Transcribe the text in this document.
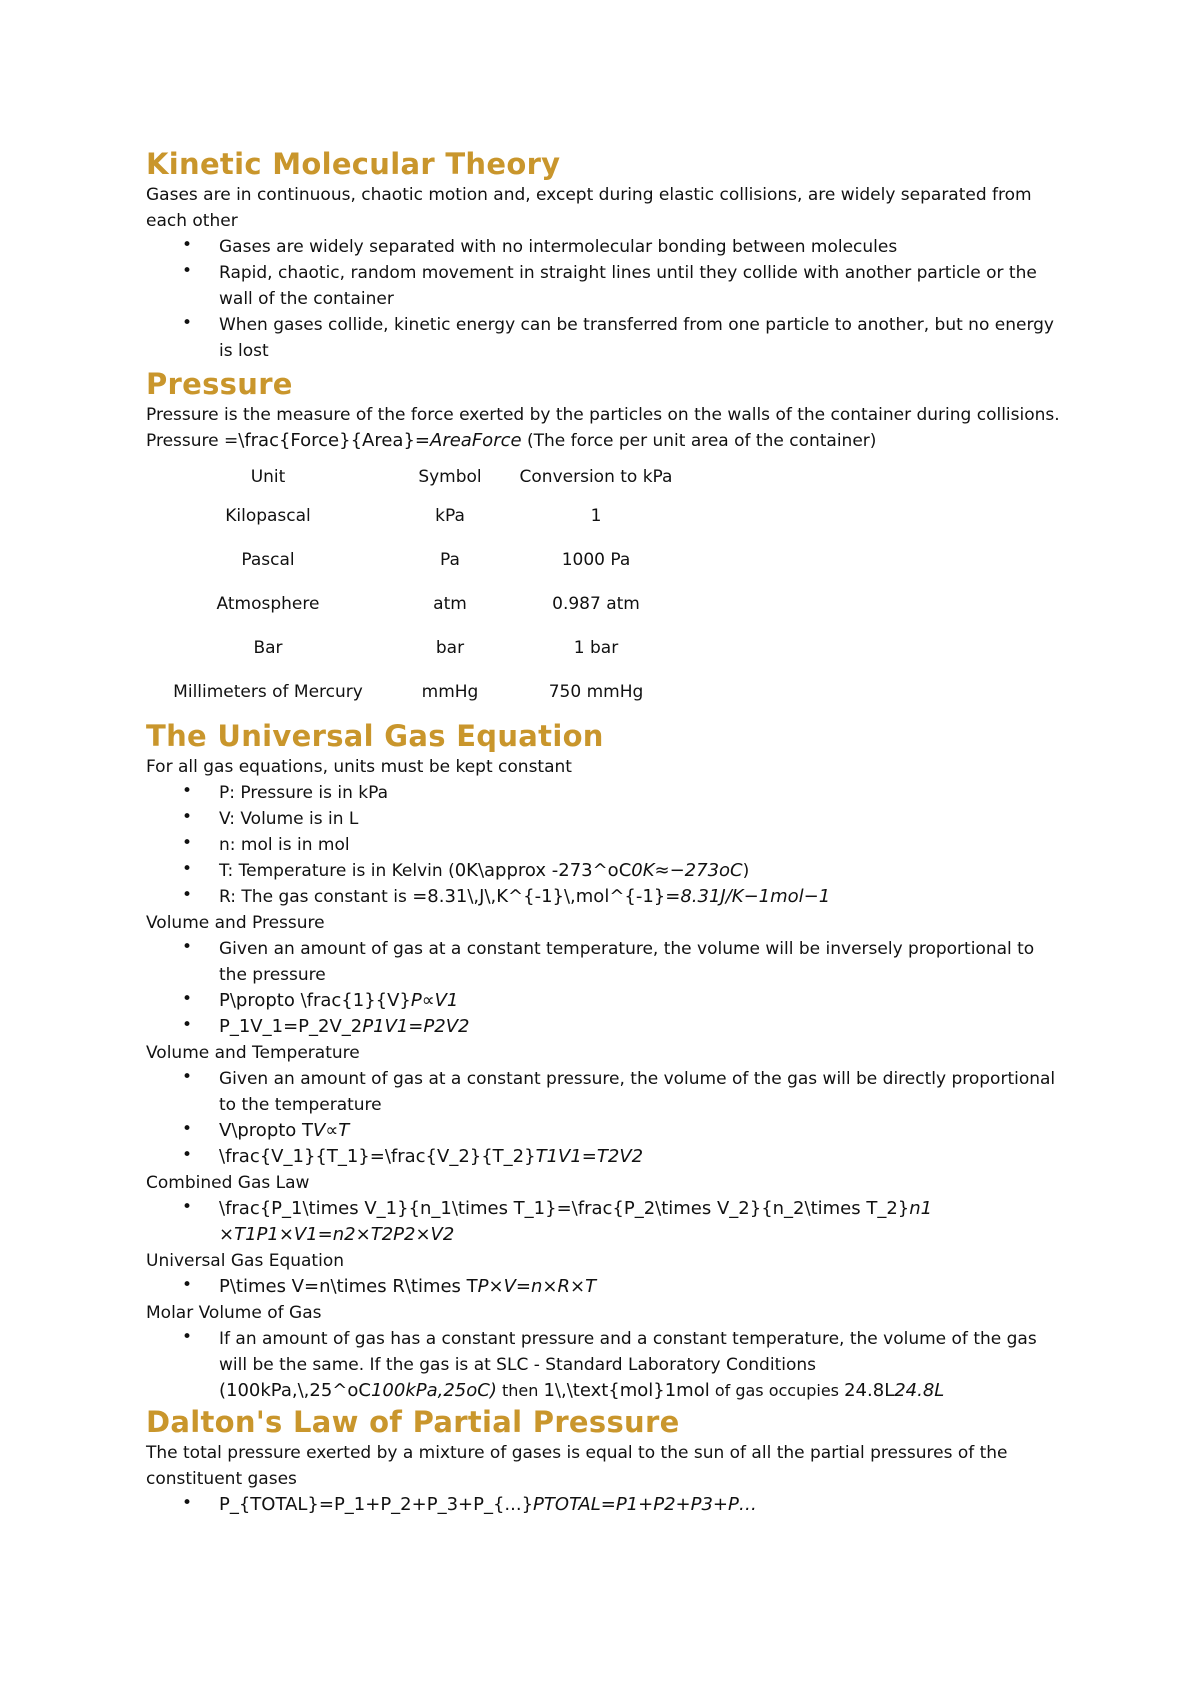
Kinetic Molecular Theory

Gases are in continuous, chaotic motion and, except during elastic collisions, are widely separated from each other

• Gases are widely separated with no intermolecular bonding between molecules
• Rapid, chaotic, random movement in straight lines until they collide with another particle or the wall of the container
• When gases collide, kinetic energy can be transferred from one particle to another, but no energy is lost
Pressure

Pressure is the measure of the force exerted by the particles on the walls of the container during collisions.

Pressure =\frac{Force}{Area}=AreaForce (The force per unit area of the container)

Unit	Symbol	Conversion to kPa
Kilopascal	kPa	1
Pascal	Pa	1000 Pa
Atmosphere	atm	0.987 atm
Bar	bar	1 bar
Millimeters of Mercury	mmHg	750 mmHg
The Universal Gas Equation

For all gas equations, units must be kept constant

• P: Pressure is in kPa
• V: Volume is in L
• n: mol is in mol
• T: Temperature is in Kelvin (0K\approx -273^oC0K≈−273oC)
• R: The gas constant is =8.31\,J\,K^{-1}\,mol^{-1}=8.31J/K−1mol−1

Volume and Pressure

• Given an amount of gas at a constant temperature, the volume will be inversely proportional to the pressure
• P\propto \frac{1}{V}P∝V1
• P_1V_1=P_2V_2P1V1=P2V2

Volume and Temperature

• Given an amount of gas at a constant pressure, the volume of the gas will be directly proportional to the temperature
• V\propto TV∝T
• \frac{V_1}{T_1}=\frac{V_2}{T_2}T1V1=T2V2

Combined Gas Law

• \frac{P_1\times V_1}{n_1\times T_1}=\frac{P_2\times V_2}{n_2\times T_2}n1
×T1P1×V1=n2×T2P2×V2

Universal Gas Equation

• P\times V=n\times R\times TP×V=n×R×T

Molar Volume of Gas

• If an amount of gas has a constant pressure and a constant temperature, the volume of the gas will be the same. If the gas is at SLC - Standard Laboratory Conditions
(100kPa,\,25^oC100kPa,25oC) then 1\,\text{mol}1mol of gas occupies 24.8L24.8L
Dalton's Law of Partial Pressure

The total pressure exerted by a mixture of gases is equal to the sun of all the partial pressures of the constituent gases

• P_{TOTAL}=P_1+P_2+P_3+P_{...}PTOTAL=P1+P2+P3+P…
